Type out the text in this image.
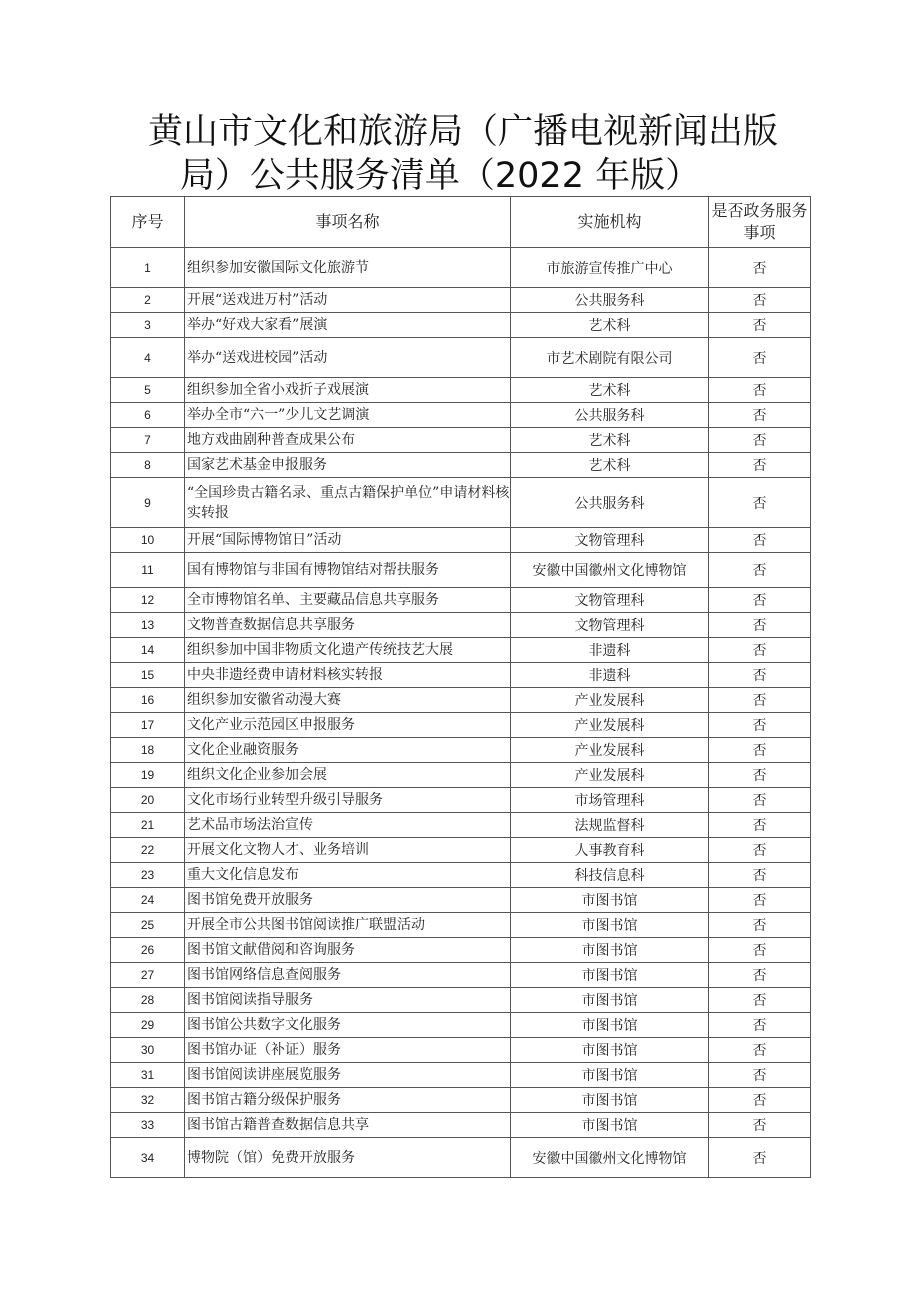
黄山市文化和旅游局（广播电视新闻出版
局）公共服务清单（2022 年版）
序号	事项名称	实施机构	是否政务服务事项
1	组织参加安徽国际文化旅游节	市旅游宣传推广中心	否
2	开展“送戏进万村”活动	公共服务科	否
3	举办“好戏大家看”展演	艺术科	否
4	举办“送戏进校园”活动	市艺术剧院有限公司	否
5	组织参加全省小戏折子戏展演	艺术科	否
6	举办全市“六一”少儿文艺调演	公共服务科	否
7	地方戏曲剧种普查成果公布	艺术科	否
8	国家艺术基金申报服务	艺术科	否
9	“全国珍贵古籍名录、重点古籍保护单位”申请材料核实转报	公共服务科	否
10	开展“国际博物馆日”活动	文物管理科	否
11	国有博物馆与非国有博物馆结对帮扶服务	安徽中国徽州文化博物馆	否
12	全市博物馆名单、主要藏品信息共享服务	文物管理科	否
13	文物普查数据信息共享服务	文物管理科	否
14	组织参加中国非物质文化遗产传统技艺大展	非遗科	否
15	中央非遗经费申请材料核实转报	非遗科	否
16	组织参加安徽省动漫大赛	产业发展科	否
17	文化产业示范园区申报服务	产业发展科	否
18	文化企业融资服务	产业发展科	否
19	组织文化企业参加会展	产业发展科	否
20	文化市场行业转型升级引导服务	市场管理科	否
21	艺术品市场法治宣传	法规监督科	否
22	开展文化文物人才、业务培训	人事教育科	否
23	重大文化信息发布	科技信息科	否
24	图书馆免费开放服务	市图书馆	否
25	开展全市公共图书馆阅读推广联盟活动	市图书馆	否
26	图书馆文献借阅和咨询服务	市图书馆	否
27	图书馆网络信息查阅服务	市图书馆	否
28	图书馆阅读指导服务	市图书馆	否
29	图书馆公共数字文化服务	市图书馆	否
30	图书馆办证（补证）服务	市图书馆	否
31	图书馆阅读讲座展览服务	市图书馆	否
32	图书馆古籍分级保护服务	市图书馆	否
33	图书馆古籍普查数据信息共享	市图书馆	否
34	博物院（馆）免费开放服务	安徽中国徽州文化博物馆	否
